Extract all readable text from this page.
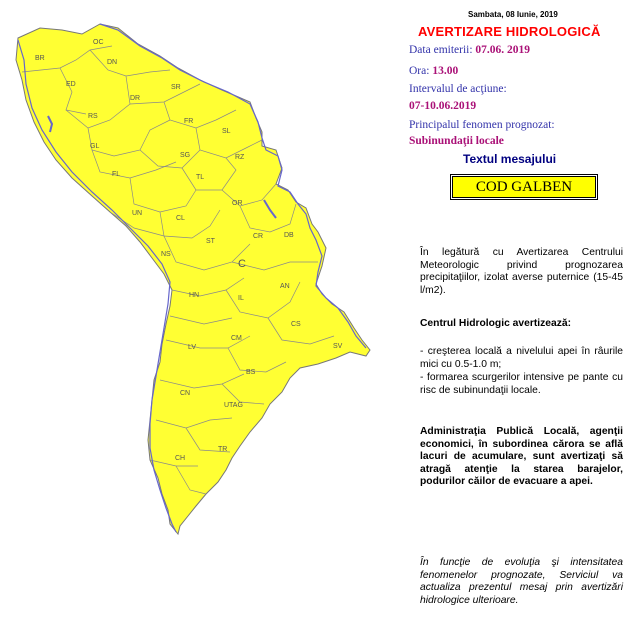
OC
BR
DN
ED	SR
DR
RS
FR
SL
GL
SG	RZ
FL	TL
OR
UN
CL
DB
CR
NS
ST
C
AN
HN	IL
CS
LV
CM
SV
BS
CN
UTAG
CH
TR
Sambata, 08 Iunie, 2019
AVERTIZARE HIDROLOGICĂ
Data emiterii: 07.06. 2019
Ora: 13.00
Intervalul de acţiune:
07-10.06.2019
Principalul fenomen prognozat:
Subinundaţii locale
Textul mesajului
COD GALBEN
În legătură cu Avertizarea Centrului Meteorologic privind prognozarea precipitaţiilor, izolat averse puternice (15-45 l/m2).
Centrul Hidrologic avertizează:
- creşterea locală a nivelului apei în râurile mici cu 0.5-1.0 m;
- formarea scurgerilor intensive pe pante cu risc de subinundaţii locale.
Administraţia Publică Locală, agenţii economici, în subordinea cărora se află lacuri de acumulare, sunt avertizaţi să atragă atenţie la starea barajelor, podurilor căilor de evacuare a apei.
În funcţie de evoluţia şi intensitatea fenomenelor prognozate, Serviciul va actualiza prezentul mesaj prin avertizări hidrologice ulterioare.
